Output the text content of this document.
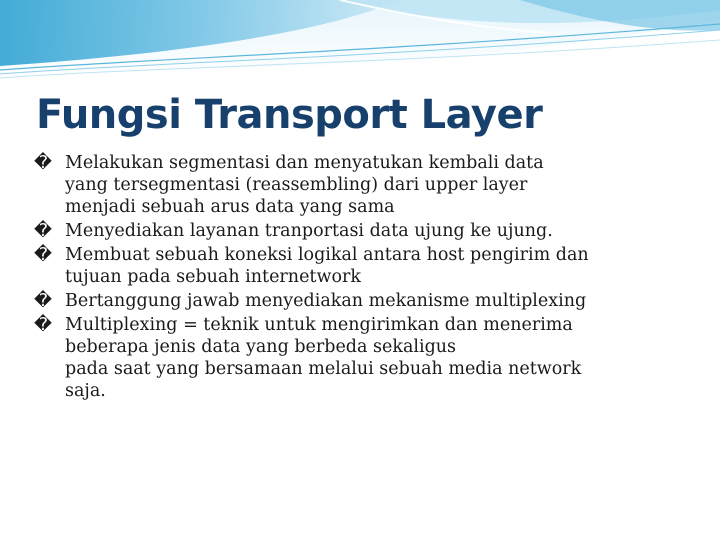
Fungsi Transport Layer
� Melakukan segmentasi dan menyatukan kembali data
yang tersegmentasi (reassembling) dari upper layer
menjadi sebuah arus data yang sama
� Menyediakan layanan tranportasi data ujung ke ujung.
� Membuat sebuah koneksi logikal antara host pengirim dan
tujuan pada sebuah internetwork
� Bertanggung jawab menyediakan mekanisme multiplexing
� Multiplexing = teknik untuk mengirimkan dan menerima
beberapa jenis data yang berbeda sekaligus
pada saat yang bersamaan melalui sebuah media network
saja.
